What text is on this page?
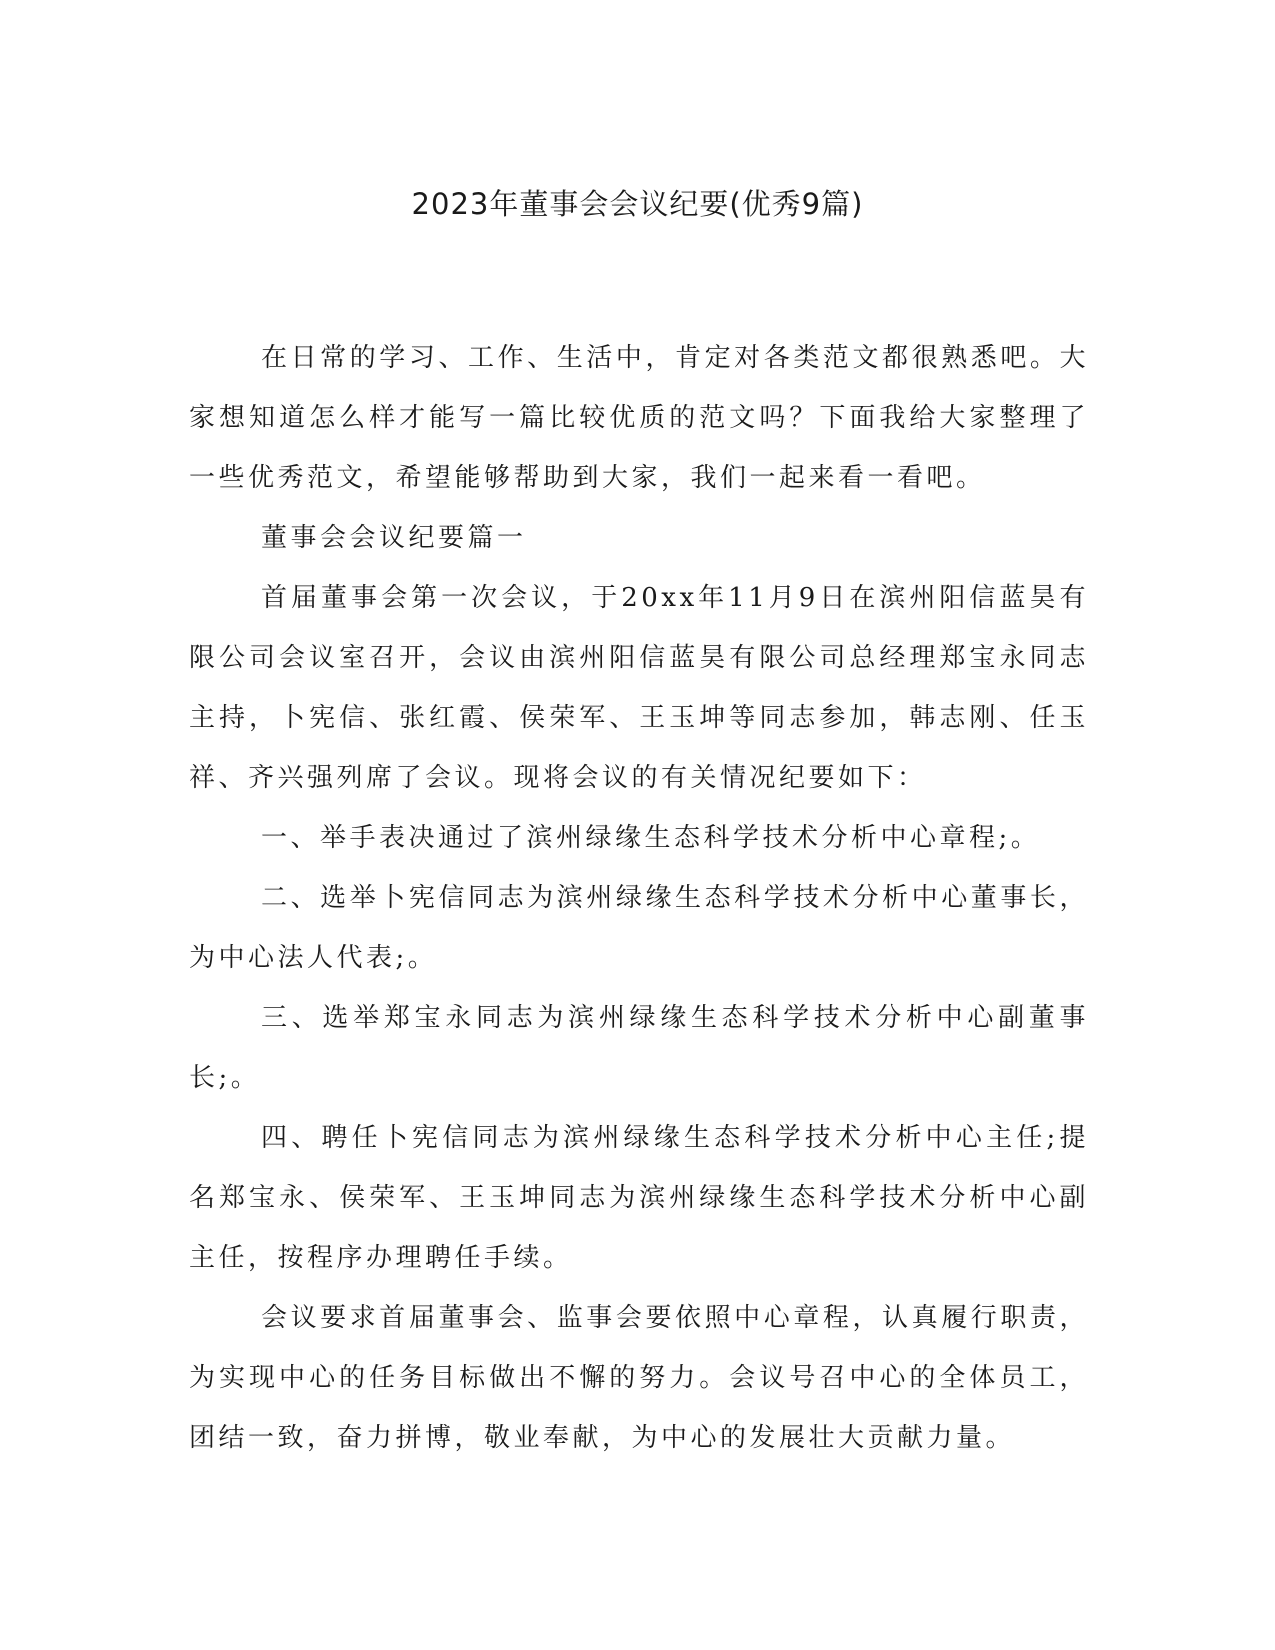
2023年董事会会议纪要(优秀9篇)

在日常的学习、工作、生活中，肯定对各类范文都很熟悉吧。大家想知道怎么样才能写一篇比较优质的范文吗？下面我给大家整理了一些优秀范文，希望能够帮助到大家，我们一起来看一看吧。

董事会会议纪要篇一

首届董事会第一次会议，于20xx年11月9日在滨州阳信蓝昊有限公司会议室召开，会议由滨州阳信蓝昊有限公司总经理郑宝永同志主持，卜宪信、张红霞、侯荣军、王玉坤等同志参加，韩志刚、任玉祥、齐兴强列席了会议。现将会议的有关情况纪要如下：

一、举手表决通过了滨州绿缘生态科学技术分析中心章程;。

二、选举卜宪信同志为滨州绿缘生态科学技术分析中心董事长，为中心法人代表;。

三、选举郑宝永同志为滨州绿缘生态科学技术分析中心副董事长;。

四、聘任卜宪信同志为滨州绿缘生态科学技术分析中心主任;提名郑宝永、侯荣军、王玉坤同志为滨州绿缘生态科学技术分析中心副主任，按程序办理聘任手续。

会议要求首届董事会、监事会要依照中心章程，认真履行职责，为实现中心的任务目标做出不懈的努力。会议号召中心的全体员工，团结一致，奋力拼博，敬业奉献，为中心的发展壮大贡献力量。
